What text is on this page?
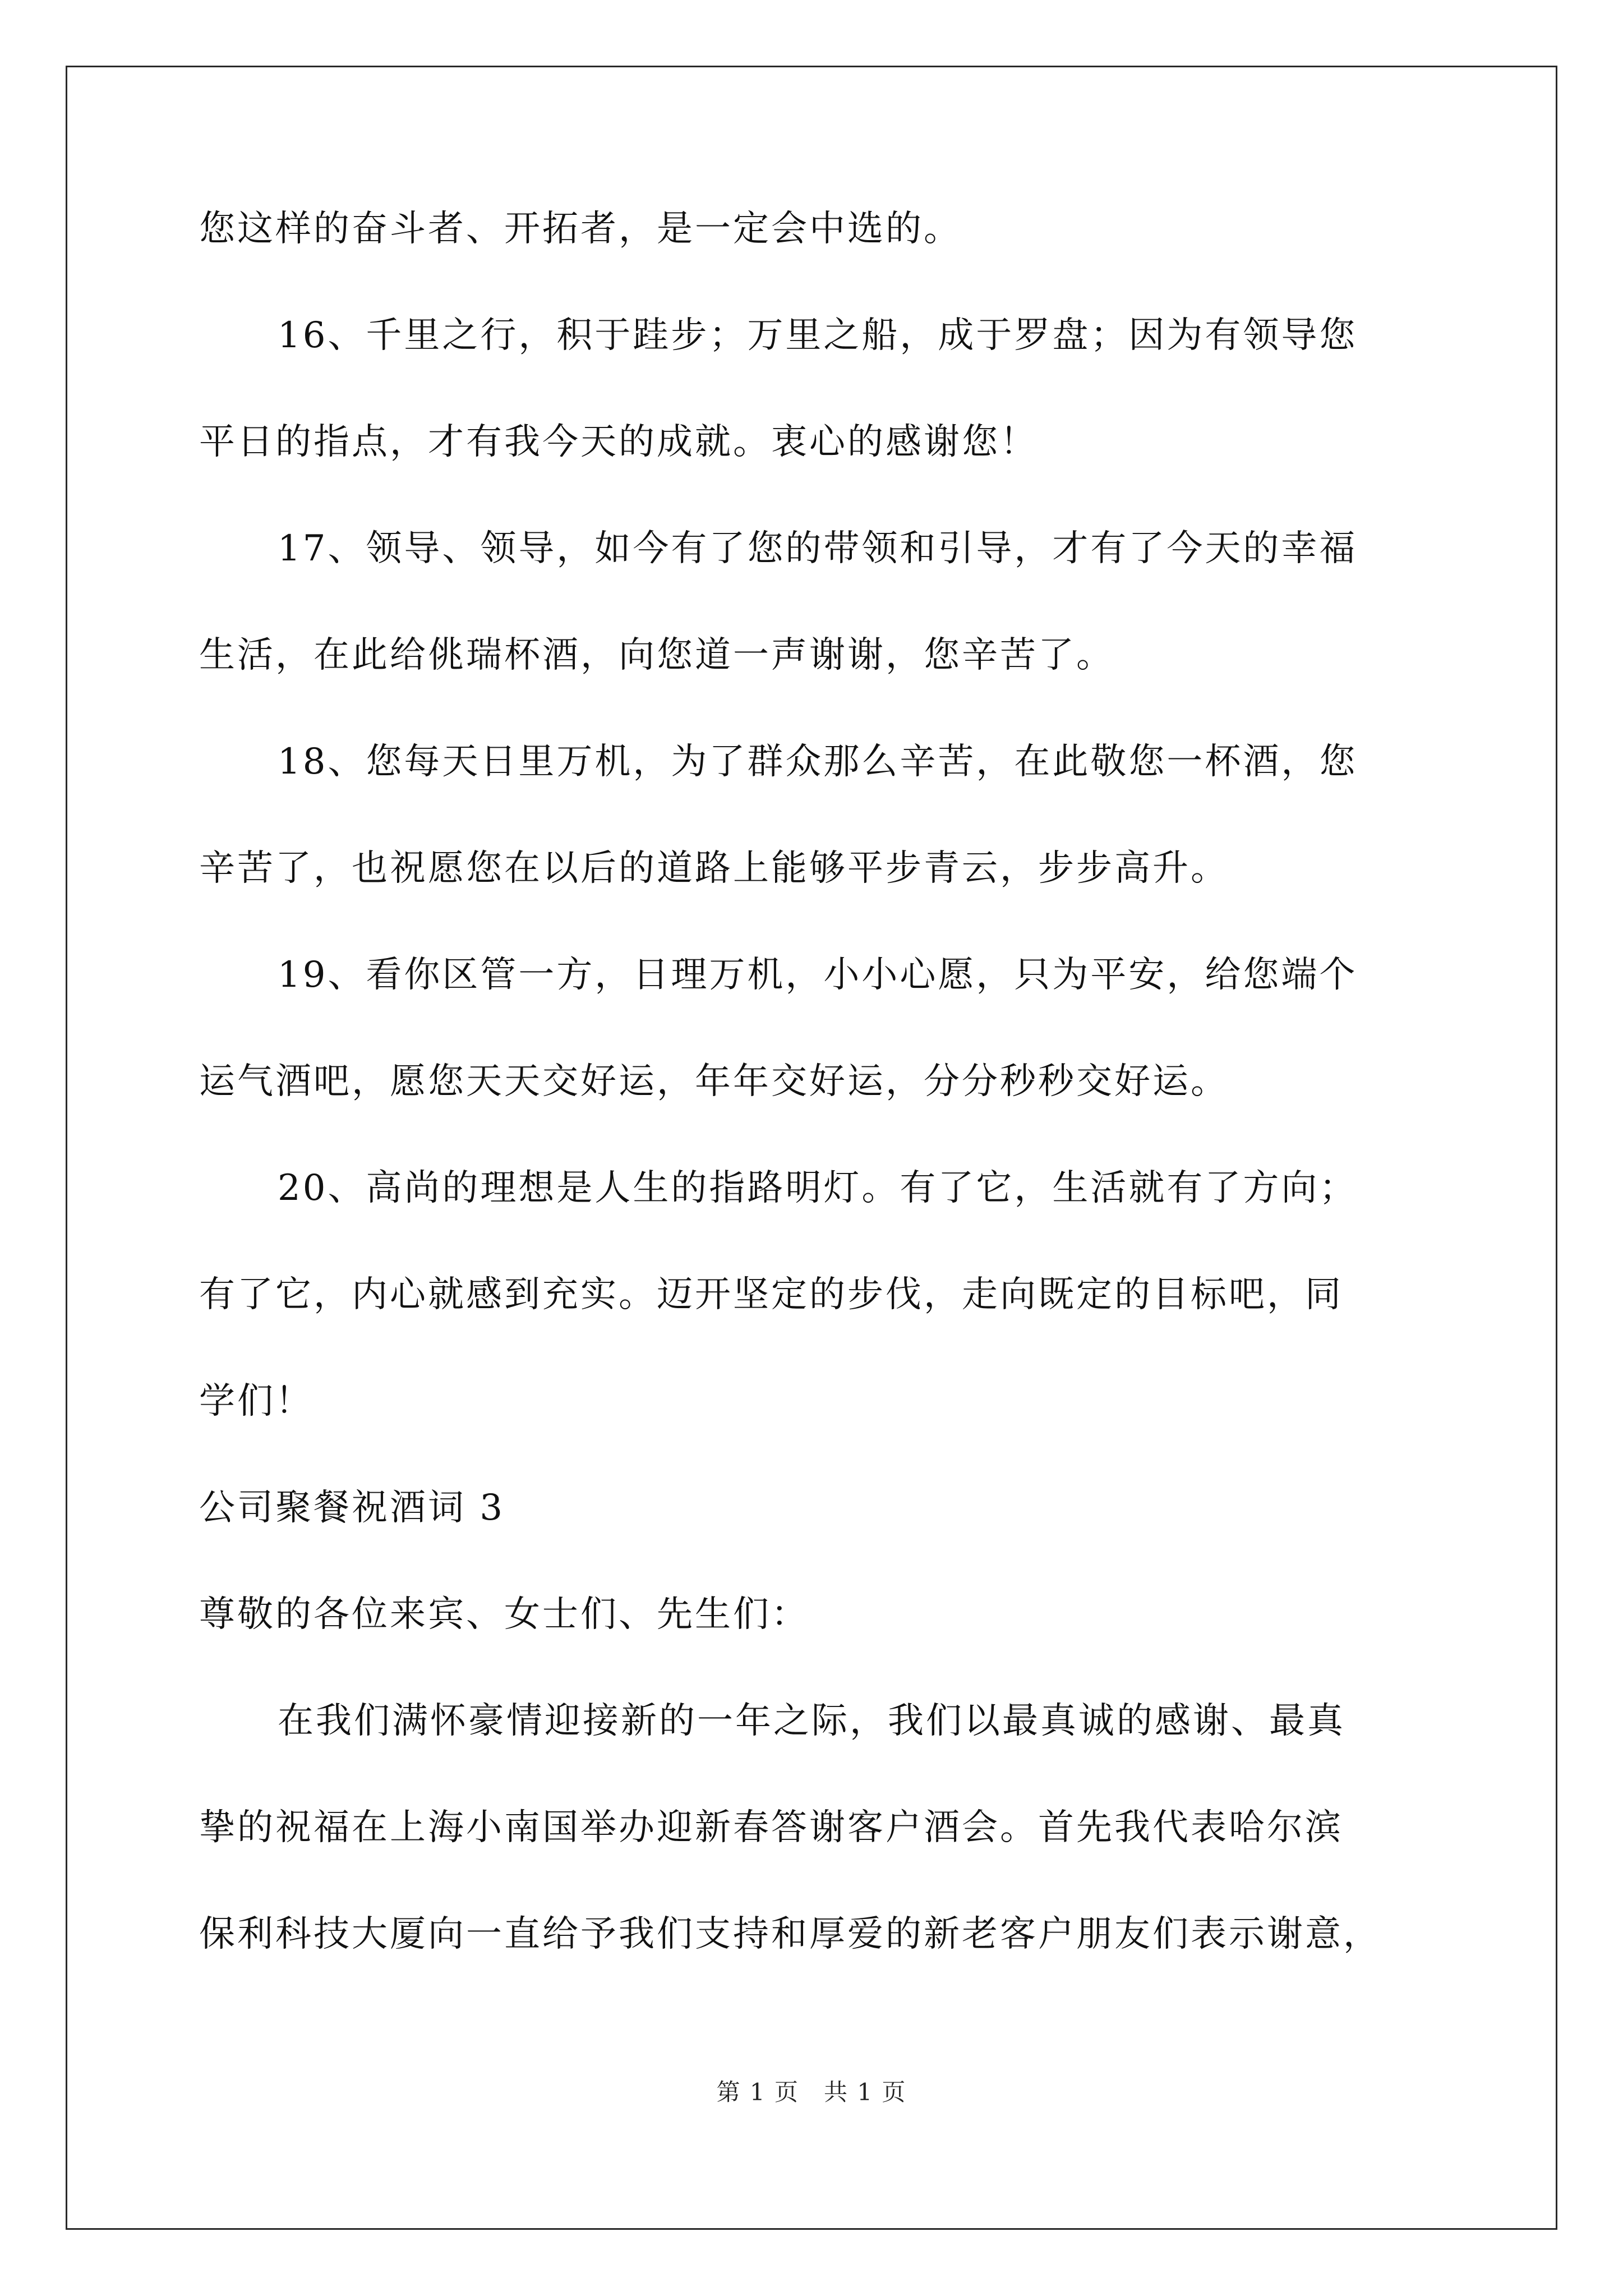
您这样的奋斗者、开拓者，是一定会中选的。
16、千里之行，积于跬步；万里之船，成于罗盘；因为有领导您
平日的指点，才有我今天的成就。衷心的感谢您！
17、领导、领导，如今有了您的带领和引导，才有了今天的幸福
生活，在此给佻瑞杯酒，向您道一声谢谢，您辛苦了。
18、您每天日里万机，为了群众那么辛苦，在此敬您一杯酒，您
辛苦了，也祝愿您在以后的道路上能够平步青云，步步高升。
19、看你区管一方，日理万机，小小心愿，只为平安，给您端个
运气酒吧，愿您天天交好运，年年交好运，分分秒秒交好运。
20、高尚的理想是人生的指路明灯。有了它，生活就有了方向；
有了它，内心就感到充实。迈开坚定的步伐，走向既定的目标吧，同
学们！
公司聚餐祝酒词 3
尊敬的各位来宾、女士们、先生们：
在我们满怀豪情迎接新的一年之际，我们以最真诚的感谢、最真
挚的祝福在上海小南国举办迎新春答谢客户酒会。首先我代表哈尔滨
保利科技大厦向一直给予我们支持和厚爱的新老客户朋友们表示谢意，
第 1 页　共 1 页
